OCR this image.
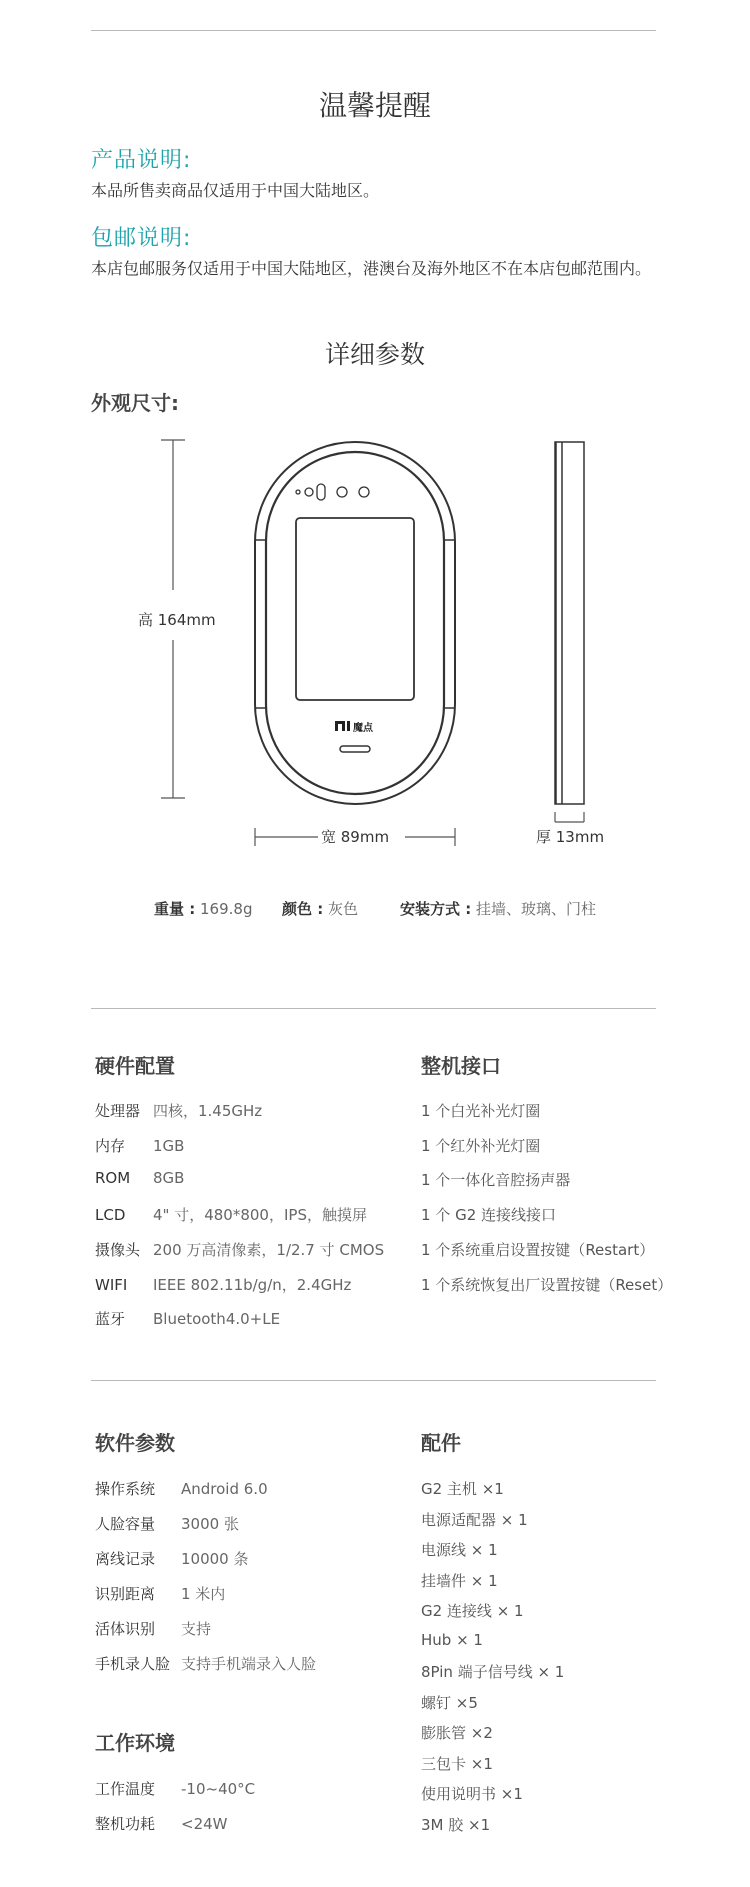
温馨提醒
产品说明:
本品所售卖商品仅适用于中国大陆地区。
包邮说明:
本店包邮服务仅适用于中国大陆地区，港澳台及海外地区不在本店包邮范围内。
详细参数
外观尺寸:
魔点
高 164mm
宽 89mm	厚 13mm
重量 : 169.8g 颜色 : 灰色	安装方式 : 挂墙、玻璃、门柱
硬件配置
处理器 四核，1.45GHz
内存 1GB
ROM 8GB
LCD 4" 寸，480*800，IPS，触摸屏
摄像头 200 万高清像素，1/2.7 寸 CMOS
WIFI IEEE 802.11b/g/n，2.4GHz
蓝牙 Bluetooth4.0+LE
整机接口
1 个白光补光灯圈
1 个红外补光灯圈
1 个一体化音腔扬声器
1 个 G2 连接线接口
1 个系统重启设置按键（Restart）
1 个系统恢复出厂设置按键（Reset）
软件参数
操作系统 Android 6.0
人脸容量 3000 张
离线记录 10000 条
识别距离 1 米内
活体识别 支持
手机录人脸 支持手机端录入人脸
工作环境
工作温度 -10~40°C
整机功耗 <24W
配件
G2 主机 ×1
电源适配器 × 1
电源线 × 1
挂墙件 × 1
G2 连接线 × 1
Hub × 1
8Pin 端子信号线 × 1
螺钉 ×5
膨胀管 ×2
三包卡 ×1
使用说明书 ×1
3M 胶 ×1
